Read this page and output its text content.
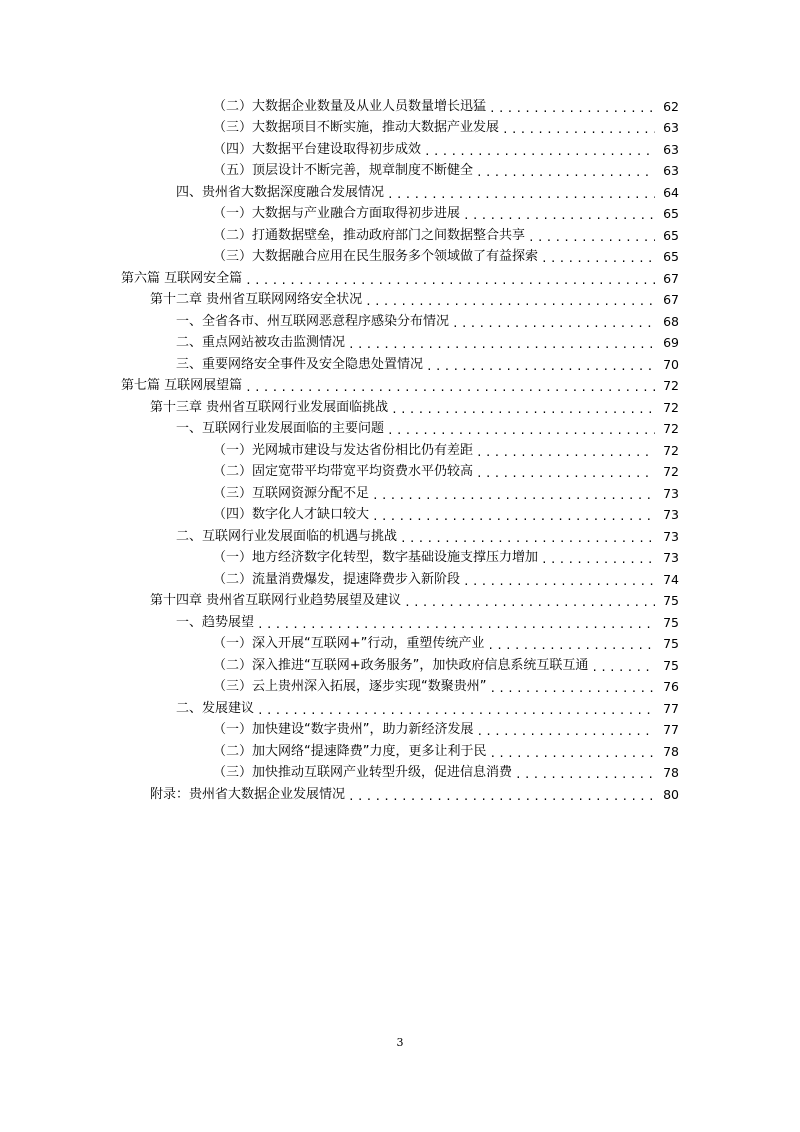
（二）大数据企业数量及从业人员数量增长迅猛 .....	62
（三）大数据项目不断实施，推动大数据产业发展 .....	63
（四）大数据平台建设取得初步成效 .....	63
（五）顶层设计不断完善，规章制度不断健全 .....	63
四、贵州省大数据深度融合发展情况 .....	64
（一）大数据与产业融合方面取得初步进展 .....	65
（二）打通数据壁垒，推动政府部门之间数据整合共享 .....	65
（三）大数据融合应用在民生服务多个领域做了有益探索 .....	65
第六篇 互联网安全篇 .....	67
第十二章 贵州省互联网网络安全状况 .....	67
一、全省各市、州互联网恶意程序感染分布情况 .....	68
二、重点网站被攻击监测情况 .....	69
三、重要网络安全事件及安全隐患处置情况 .....	70
第七篇 互联网展望篇 .....	72
第十三章 贵州省互联网行业发展面临挑战 .....	72
一、互联网行业发展面临的主要问题 .....	72
（一）光网城市建设与发达省份相比仍有差距 .....	72
（二）固定宽带平均带宽平均资费水平仍较高 .....	72
（三）互联网资源分配不足 .....	73
（四）数字化人才缺口较大 .....	73
二、互联网行业发展面临的机遇与挑战 .....	73
（一）地方经济数字化转型，数字基础设施支撑压力增加 .....	73
（二）流量消费爆发，提速降费步入新阶段 .....	74
第十四章 贵州省互联网行业趋势展望及建议 .....	75
一、趋势展望 .....	75
（一）深入开展“互联网+”行动，重塑传统产业 .....	75
（二）深入推进“互联网+政务服务”，加快政府信息系统互联互通 .....	75
（三）云上贵州深入拓展，逐步实现“数聚贵州” .....	76
二、发展建议 .....	77
（一）加快建设“数字贵州”，助力新经济发展 .....	77
（二）加大网络“提速降费”力度，更多让利于民 .....	78
（三）加快推动互联网产业转型升级，促进信息消费 .....	78
附录：贵州省大数据企业发展情况 .....	80
3
